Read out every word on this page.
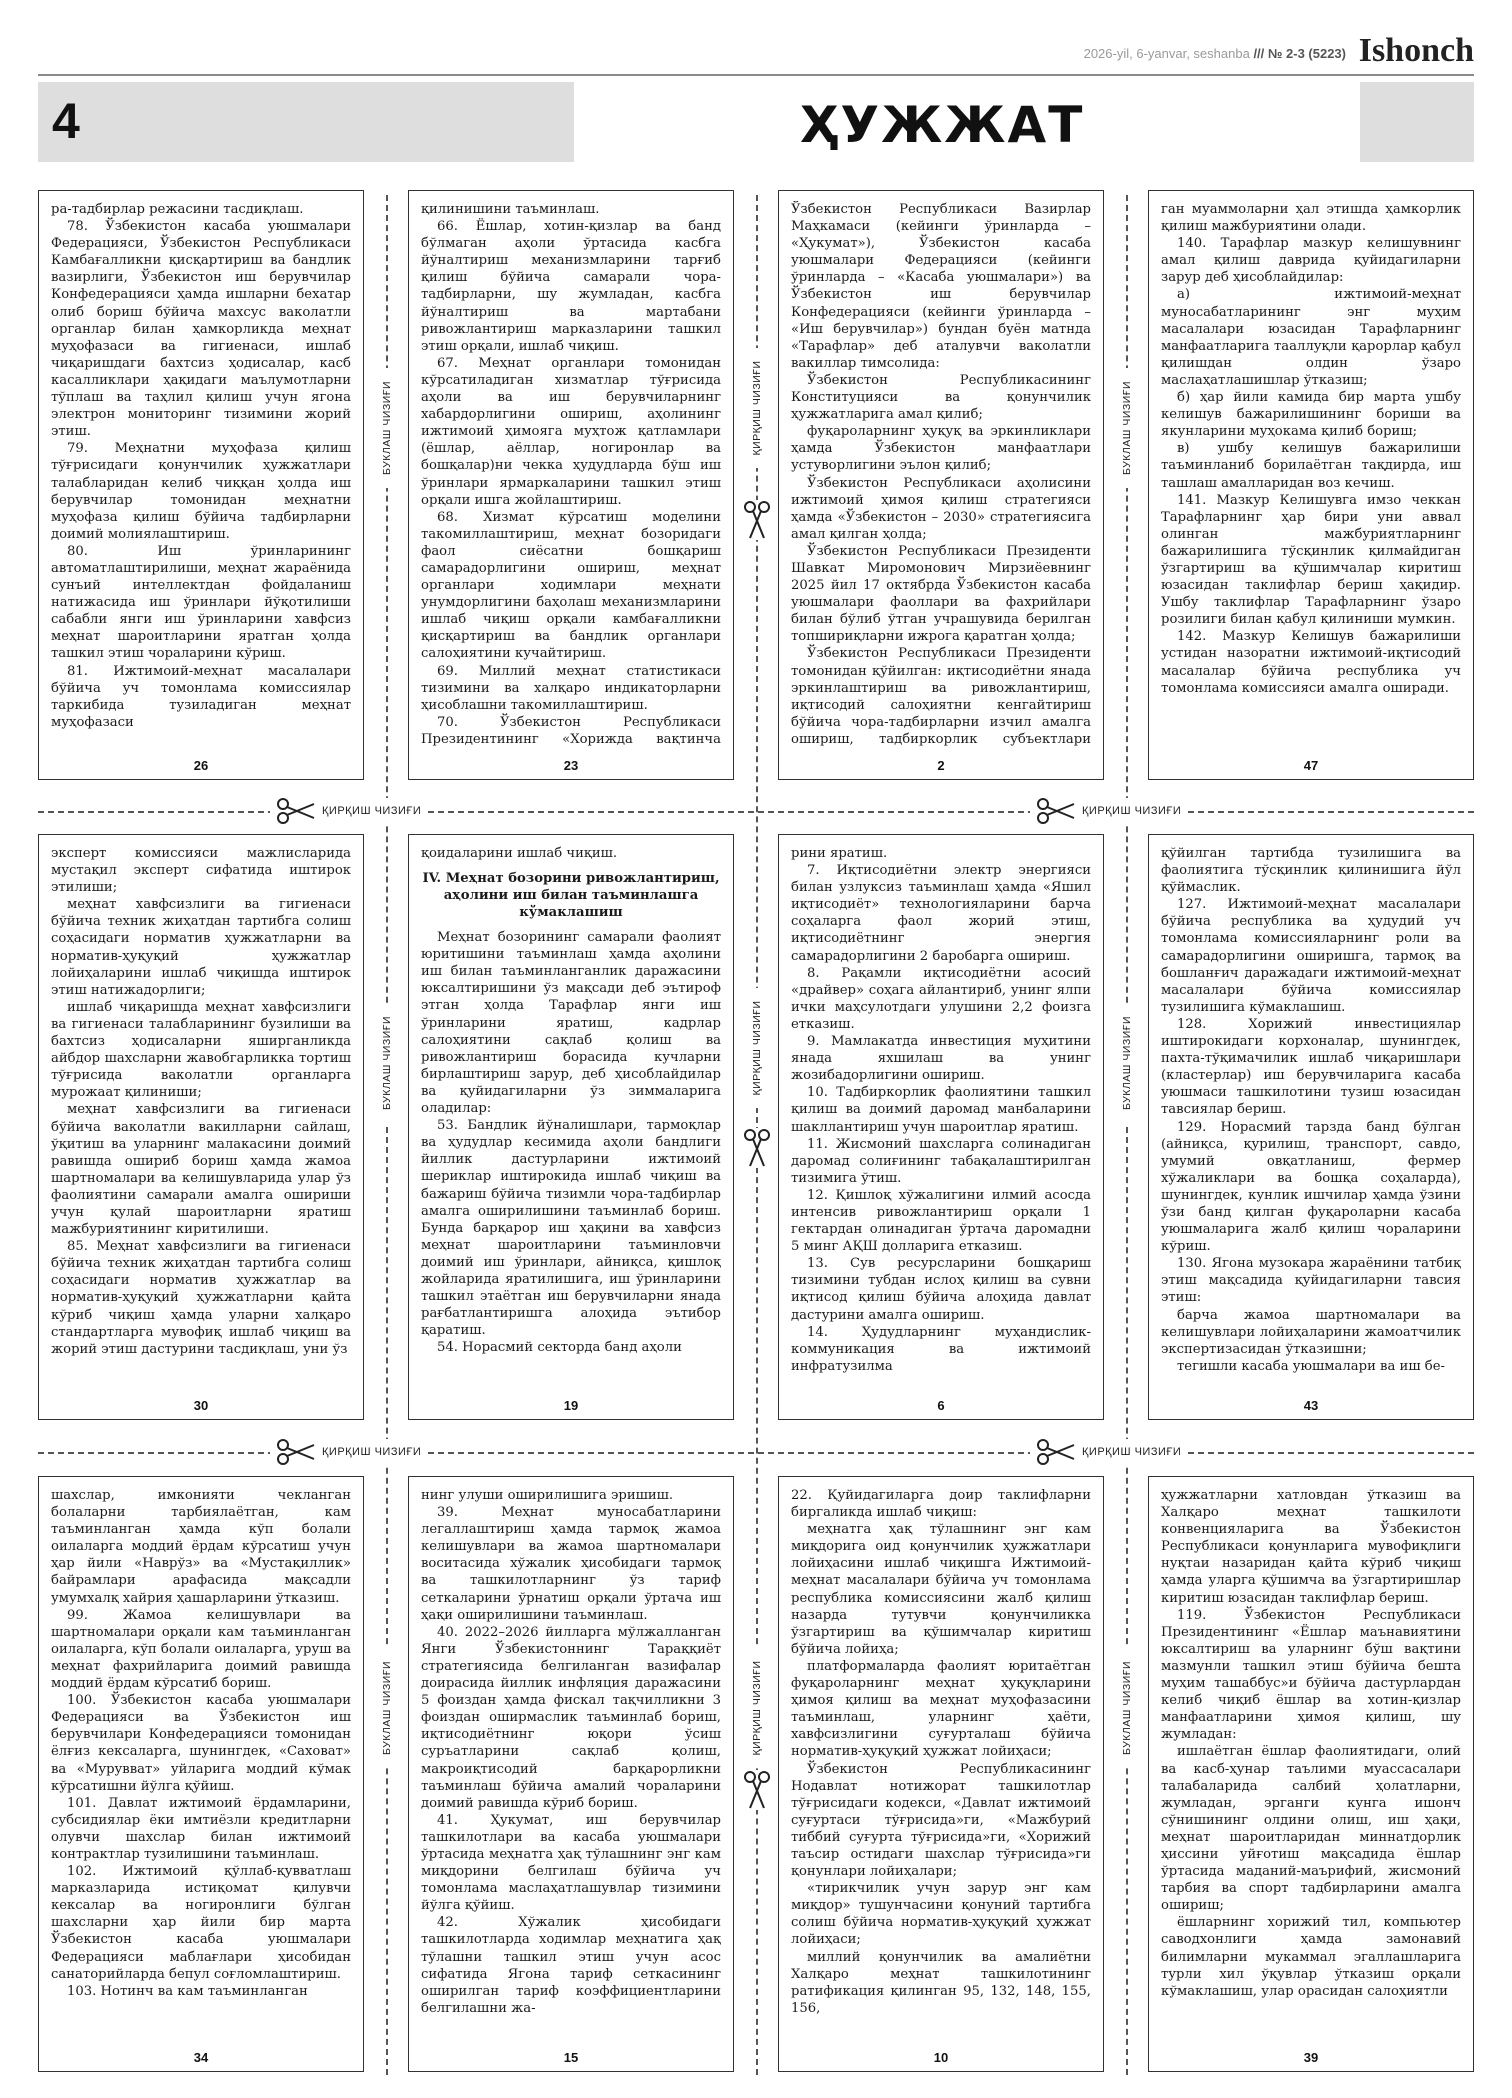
2026-yil, 6-yanvar, seshanba /// № 2-3 (5223) Ishonch
4	ҲУЖЖАТ
ҚИРҚИШ ЧИЗИҒИ	ҚИРҚИШ ЧИЗИҒИ
ҚИРҚИШ ЧИЗИҒИ	ҚИРҚИШ ЧИЗИҒИ
БУКЛАШ ЧИЗИҒИ
БУКЛАШ ЧИЗИҒИ
БУКЛАШ ЧИЗИҒИ
ҚИРҚИШ ЧИЗИҒИ
ҚИРҚИШ ЧИЗИҒИ
ҚИРҚИШ ЧИЗИҒИ
БУКЛАШ ЧИЗИҒИ
БУКЛАШ ЧИЗИҒИ
БУКЛАШ ЧИЗИҒИ

ра-тадбирлар режасини тасдиқлаш.

78. Ўзбекистон касаба уюшмалари Федерацияси, Ўзбекистон Республикаси Камбағалликни қисқартириш ва бандлик вазирлиги, Ўзбекистон иш берувчилар Конфедерацияси ҳамда ишларни бехатар олиб бориш бўйича махсус ваколатли органлар билан ҳамкорликда меҳнат муҳофазаси ва гигиенаси, ишлаб чиқаришдаги бахтсиз ҳодисалар, касб касалликлари ҳақидаги маълумотларни тўплаш ва таҳлил қилиш учун ягона электрон мониторинг тизимини жорий этиш.

79. Меҳнатни муҳофаза қилиш тўғрисидаги қонунчилик ҳужжатлари талабларидан келиб чиққан ҳолда иш берувчилар томонидан меҳнатни муҳофаза қилиш бўйича тадбирларни доимий молиялаштириш.

80. Иш ўринларининг автоматлаштирилиши, меҳнат жараёнида сунъий интеллектдан фойдаланиш натижасида иш ўринлари йўқотилиши сабабли янги иш ўринларини хавфсиз меҳнат шароитларини яратган ҳолда ташкил этиш чораларини кўриш.

81. Ижтимоий-меҳнат масалалари бўйича уч томонлама комиссиялар таркибида тузиладиган меҳнат муҳофазаси

26

қилинишини таъминлаш.

66. Ёшлар, хотин-қизлар ва банд бўлмаган аҳоли ўртасида касбга йўналтириш механизмларини тарғиб қилиш бўйича самарали чора-тадбирларни, шу жумладан, касбга йўналтириш ва мартабани ривожлантириш марказларини ташкил этиш орқали, ишлаб чиқиш.

67. Меҳнат органлари томонидан кўрсатиладиган хизматлар тўғрисида аҳоли ва иш берувчиларнинг хабардорлигини ошириш, аҳолининг ижтимоий ҳимояга муҳтож қатламлари (ёшлар, аёллар, ногиронлар ва бошқалар)ни чекка ҳудудларда бўш иш ўринлари ярмаркаларини ташкил этиш орқали ишга жойлаштириш.

68. Хизмат кўрсатиш моделини такомиллаштириш, меҳнат бозоридаги фаол сиёсатни бошқариш самарадорлигини ошириш, меҳнат органлари ходимлари меҳнати унумдорлигини баҳолаш механизмларини ишлаб чиқиш орқали камбағалликни қисқартириш ва бандлик органлари салоҳиятини кучайтириш.

69. Миллий меҳнат статистикаси тизимини ва халқаро индикаторларни ҳисоблашни такомиллаштириш.

70. Ўзбекистон Республикаси Президентининг «Хорижда вақтинча

23

Ўзбекистон Республикаси Вазирлар Маҳкамаси (кейинги ўринларда – «Ҳукумат»), Ўзбекистон касаба уюшмалари Федерацияси (кейинги ўринларда – «Касаба уюшмалари») ва Ўзбекистон иш берувчилар Конфедерацияси (кейинги ўринларда – «Иш берувчилар») бундан буён матнда «Тарафлар» деб аталувчи ваколатли вакиллар тимсолида:

Ўзбекистон Республикасининг Конституцияси ва қонунчилик ҳужжатларига амал қилиб;

фуқароларнинг ҳуқуқ ва эркинликлари ҳамда Ўзбекистон манфаатлари устуворлигини эълон қилиб;

Ўзбекистон Республикаси аҳолисини ижтимоий ҳимоя қилиш стратегияси ҳамда «Ўзбекистон – 2030» стратегиясига амал қилган ҳолда;

Ўзбекистон Республикаси Президенти Шавкат Миромонович Мирзиёевнинг 2025 йил 17 октябрда Ўзбекистон касаба уюшмалари фаоллари ва фахрийлари билан бўлиб ўтган учрашувида берилган топшириқларни ижрога қаратган ҳолда;

Ўзбекистон Республикаси Президенти томонидан қўйилган: иқтисодиётни янада эркинлаштириш ва ривожлантириш, иқтисодий салоҳиятни кенгайтириш бўйича чора-тадбирларни изчил амалга ошириш, тадбиркорлик субъектлари

2

ган муаммоларни ҳал этишда ҳамкорлик қилиш мажбуриятини олади.

140. Тарафлар мазкур келишувнинг амал қилиш даврида қуйидагиларни зарур деб ҳисоблайдилар:

а) ижтимоий-меҳнат муносабатларининг энг муҳим масалалари юзасидан Тарафларнинг манфаатларига тааллуқли қарорлар қабул қилишдан олдин ўзаро маслаҳатлашишлар ўтказиш;

б) ҳар йили камида бир марта ушбу келишув бажарилишининг бориши ва якунларини муҳокама қилиб бориш;

в) ушбу келишув бажарилиши таъминланиб борилаётган тақдирда, иш ташлаш амалларидан воз кечиш.

141. Мазкур Келишувга имзо чеккан Тарафларнинг ҳар бири уни аввал олинган мажбуриятларнинг бажарилишига тўсқинлик қилмайдиган ўзгартириш ва қўшимчалар киритиш юзасидан таклифлар бериш ҳақидир. Ушбу таклифлар Тарафларнинг ўзаро розилиги билан қабул қилиниши мумкин.

142. Мазкур Келишув бажарилиши устидан назоратни ижтимоий-иқтисодий масалалар бўйича республика уч томонлама комиссияси амалга оширади.

47

эксперт комиссияси мажлисларида мустақил эксперт сифатида иштирок этилиши;

меҳнат хавфсизлиги ва гигиенаси бўйича техник жиҳатдан тартибга солиш соҳасидаги норматив ҳужжатларни ва норматив-ҳуқуқий ҳужжатлар лойиҳаларини ишлаб чиқишда иштирок этиш натижадорлиги;

ишлаб чиқаришда меҳнат хавфсизлиги ва гигиенаси талабларининг бузилиши ва бахтсиз ҳодисаларни яширганликда айбдор шахсларни жавобгарликка тортиш тўғрисида ваколатли органларга мурожаат қилиниши;

меҳнат хавфсизлиги ва гигиенаси бўйича ваколатли вакилларни сайлаш, ўқитиш ва уларнинг малакасини доимий равишда ошириб бориш ҳамда жамоа шартномалари ва келишувларида улар ўз фаолиятини самарали амалга ошириши учун қулай шароитларни яратиш мажбуриятининг киритилиши.

85. Меҳнат хавфсизлиги ва гигиенаси бўйича техник жиҳатдан тартибга солиш соҳасидаги норматив ҳужжатлар ва норматив-ҳуқуқий ҳужжатларни қайта кўриб чиқиш ҳамда уларни халқаро стандартларга мувофиқ ишлаб чиқиш ва жорий этиш дастурини тасдиқлаш, уни ўз

30

қоидаларини ишлаб чиқиш.

IV. Меҳнат бозорини ривожлантириш, аҳолини иш билан таъминлашга кўмаклашиш

Меҳнат бозорининг самарали фаолият юритишини таъминлаш ҳамда аҳолини иш билан таъминланганлик даражасини юксалтиришини ўз мақсади деб эътироф этган ҳолда Тарафлар янги иш ўринларини яратиш, кадрлар салоҳиятини сақлаб қолиш ва ривожлантириш борасида кучларни бирлаштириш зарур, деб ҳисоблайдилар ва қуйидагиларни ўз зиммаларига оладилар:

53. Бандлик йўналишлари, тармоқлар ва ҳудудлар кесимида аҳоли бандлиги йиллик дастурларини ижтимоий шериклар иштирокида ишлаб чиқиш ва бажариш бўйича тизимли чора-тадбирлар амалга оширилишини таъминлаб бориш. Бунда барқарор иш ҳақини ва хавфсиз меҳнат шароитларини таъминловчи доимий иш ўринлари, айниқса, қишлоқ жойларида яратилишига, иш ўринларини ташкил этаётган иш берувчиларни янада рағбатлантиришга алоҳида эътибор қаратиш.

54. Норасмий секторда банд аҳоли

19

рини яратиш.

7. Иқтисодиётни электр энергияси билан узлуксиз таъминлаш ҳамда «Яшил иқтисодиёт» технологияларини барча соҳаларга фаол жорий этиш, иқтисодиётнинг энергия самарадорлигини 2 баробарга ошириш.

8. Рақамли иқтисодиётни асосий «драйвер» соҳага айлантириб, унинг ялпи ички маҳсулотдаги улушини 2,2 фоизга етказиш.

9. Мамлакатда инвестиция муҳитини янада яхшилаш ва унинг жозибадорлигини ошириш.

10. Тадбиркорлик фаолиятини ташкил қилиш ва доимий даромад манбаларини шакллантириш учун шароитлар яратиш.

11. Жисмоний шахсларга солинадиган даромад солиғининг табақалаштирилган тизимига ўтиш.

12. Қишлоқ хўжалигини илмий асосда интенсив ривожлантириш орқали 1 гектардан олинадиган ўртача даромадни 5 минг АҚШ долларига етказиш.

13. Сув ресурсларини бошқариш тизимини тубдан ислоҳ қилиш ва сувни иқтисод қилиш бўйича алоҳида давлат дастурини амалга ошириш.

14. Ҳудудларнинг муҳандислик-коммуникация ва ижтимоий инфратузилма

6

қўйилган тартибда тузилишига ва фаолиятига тўсқинлик қилинишига йўл қўймаслик.

127. Ижтимоий-меҳнат масалалари бўйича республика ва ҳудудий уч томонлама комиссияларнинг роли ва самарадорлигини оширишга, тармоқ ва бошланғич даражадаги ижтимоий-меҳнат масалалари бўйича комиссиялар тузилишига кўмаклашиш.

128. Хорижий инвестициялар иштирокидаги корхоналар, шунингдек, пахта-тўқимачилик ишлаб чиқаришлари (кластерлар) иш берувчиларига касаба уюшмаси ташкилотини тузиш юзасидан тавсиялар бериш.

129. Норасмий тарзда банд бўлган (айниқса, қурилиш, транспорт, савдо, умумий овқатланиш, фермер хўжаликлари ва бошқа соҳаларда), шунингдек, кунлик ишчилар ҳамда ўзини ўзи банд қилган фуқароларни касаба уюшмаларига жалб қилиш чораларини кўриш.

130. Ягона музокара жараёнини татбиқ этиш мақсадида қуйидагиларни тавсия этиш:

барча жамоа шартномалари ва келишувлари лойиҳаларини жамоатчилик экспертизасидан ўтказишни;

тегишли касаба уюшмалари ва иш бе-

43

шахслар, имконияти чекланган болаларни тарбиялаётган, кам таъминланган ҳамда кўп болали оилаларга моддий ёрдам кўрсатиш учун ҳар йили «Наврўз» ва «Мустақиллик» байрамлари арафасида мақсадли умумхалқ хайрия ҳашарларини ўтказиш.

99. Жамоа келишувлари ва шартномалари орқали кам таъминланган оилаларга, кўп болали оилаларга, уруш ва меҳнат фахрийларига доимий равишда моддий ёрдам кўрсатиб бориш.

100. Ўзбекистон касаба уюшмалари Федерацияси ва Ўзбекистон иш берувчилари Конфедерацияси томонидан ёлғиз кексаларга, шунингдек, «Саховат» ва «Мурувват» уйларига моддий кўмак кўрсатишни йўлга қўйиш.

101. Давлат ижтимоий ёрдамларини, субсидиялар ёки имтиёзли кредитларни олувчи шахслар билан ижтимоий контрактлар тузилишини таъминлаш.

102. Ижтимоий қўллаб-қувватлаш марказларида истиқомат қилувчи кексалар ва ногиронлиги бўлган шахсларни ҳар йили бир марта Ўзбекистон касаба уюшмалари Федерацияси маблағлари ҳисобидан санаторийларда бепул соғломлаштириш.

103. Нотинч ва кам таъминланган

34

нинг улуши оширилишига эришиш.

39. Меҳнат муносабатларини легаллаштириш ҳамда тармоқ жамоа келишувлари ва жамоа шартномалари воситасида хўжалик ҳисобидаги тармоқ ва ташкилотларнинг ўз тариф сеткаларини ўрнатиш орқали ўртача иш ҳақи оширилишини таъминлаш.

40. 2022–2026 йилларга мўлжалланган Янги Ўзбекистоннинг Тараққиёт стратегиясида белгиланган вазифалар доирасида йиллик инфляция даражасини 5 фоиздан ҳамда фискал тақчилликни 3 фоиздан оширмаслик таъминлаб бориш, иқтисодиётнинг юқори ўсиш суръатларини сақлаб қолиш, макроиқтисодий барқарорликни таъминлаш бўйича амалий чораларини доимий равишда кўриб бориш.

41. Ҳукумат, иш берувчилар ташкилотлари ва касаба уюшмалари ўртасида меҳнатга ҳақ тўлашнинг энг кам миқдорини белгилаш бўйича уч томонлама маслаҳатлашувлар тизимини йўлга қўйиш.

42. Хўжалик ҳисобидаги ташкилотларда ходимлар меҳнатига ҳақ тўлашни ташкил этиш учун асос сифатида Ягона тариф сеткасининг оширилган тариф коэффициентларини белгилашни жа-

15

22. Қуйидагиларга доир таклифларни биргаликда ишлаб чиқиш:

меҳнатга ҳақ тўлашнинг энг кам миқдорига оид қонунчилик ҳужжатлари лойиҳасини ишлаб чиқишга Ижтимоий-меҳнат масалалари бўйича уч томонлама республика комиссиясини жалб қилиш назарда тутувчи қонунчиликка ўзгартириш ва қўшимчалар киритиш бўйича лойиҳа;

платформаларда фаолият юритаётган фуқароларнинг меҳнат ҳуқуқларини ҳимоя қилиш ва меҳнат муҳофазасини таъминлаш, уларнинг ҳаёти, хавфсизлигини суғурталаш бўйича норматив-ҳуқуқий ҳужжат лойиҳаси;

Ўзбекистон Республикасининг Нодавлат нотижорат ташкилотлар тўғрисидаги кодекси, «Давлат ижтимоий суғуртаси тўғрисида»ги, «Мажбурий тиббий суғурта тўғрисида»ги, «Хорижий таъсир остидаги шахслар тўғрисида»ги қонунлари лойиҳалари;

«тирикчилик учун зарур энг кам миқдор» тушунчасини қонуний тартибга солиш бўйича норматив-ҳуқуқий ҳужжат лойиҳаси;

миллий қонунчилик ва амалиётни Халқаро меҳнат ташкилотининг ратификация қилинган 95, 132, 148, 155, 156,

10

ҳужжатларни хатловдан ўтказиш ва Халқаро меҳнат ташкилоти конвенцияларига ва Ўзбекистон Республикаси қонунларига мувофиқлиги нуқтаи назаридан қайта кўриб чиқиш ҳамда уларга қўшимча ва ўзгартиришлар киритиш юзасидан таклифлар бериш.

119. Ўзбекистон Республикаси Президентининг «Ёшлар маънавиятини юксалтириш ва уларнинг бўш вақтини мазмунли ташкил этиш бўйича бешта муҳим ташаббус»и бўйича дастурлардан келиб чиқиб ёшлар ва хотин-қизлар манфаатларини ҳимоя қилиш, шу жумладан:

ишлаётган ёшлар фаолиятидаги, олий ва касб-ҳунар таълими муассасалари талабаларида салбий ҳолатларни, жумладан, эрганги кунга ишонч сўнишининг олдини олиш, иш ҳақи, меҳнат шароитларидан миннатдорлик ҳиссини уйғотиш мақсадида ёшлар ўртасида маданий-маърифий, жисмоний тарбия ва спорт тадбирларини амалга ошириш;

ёшларнинг хорижий тил, компьютер саводхонлиги ҳамда замонавий билимларни мукаммал эгаллашларига турли хил ўқувлар ўтказиш орқали кўмаклашиш, улар орасидан салоҳиятли

39
